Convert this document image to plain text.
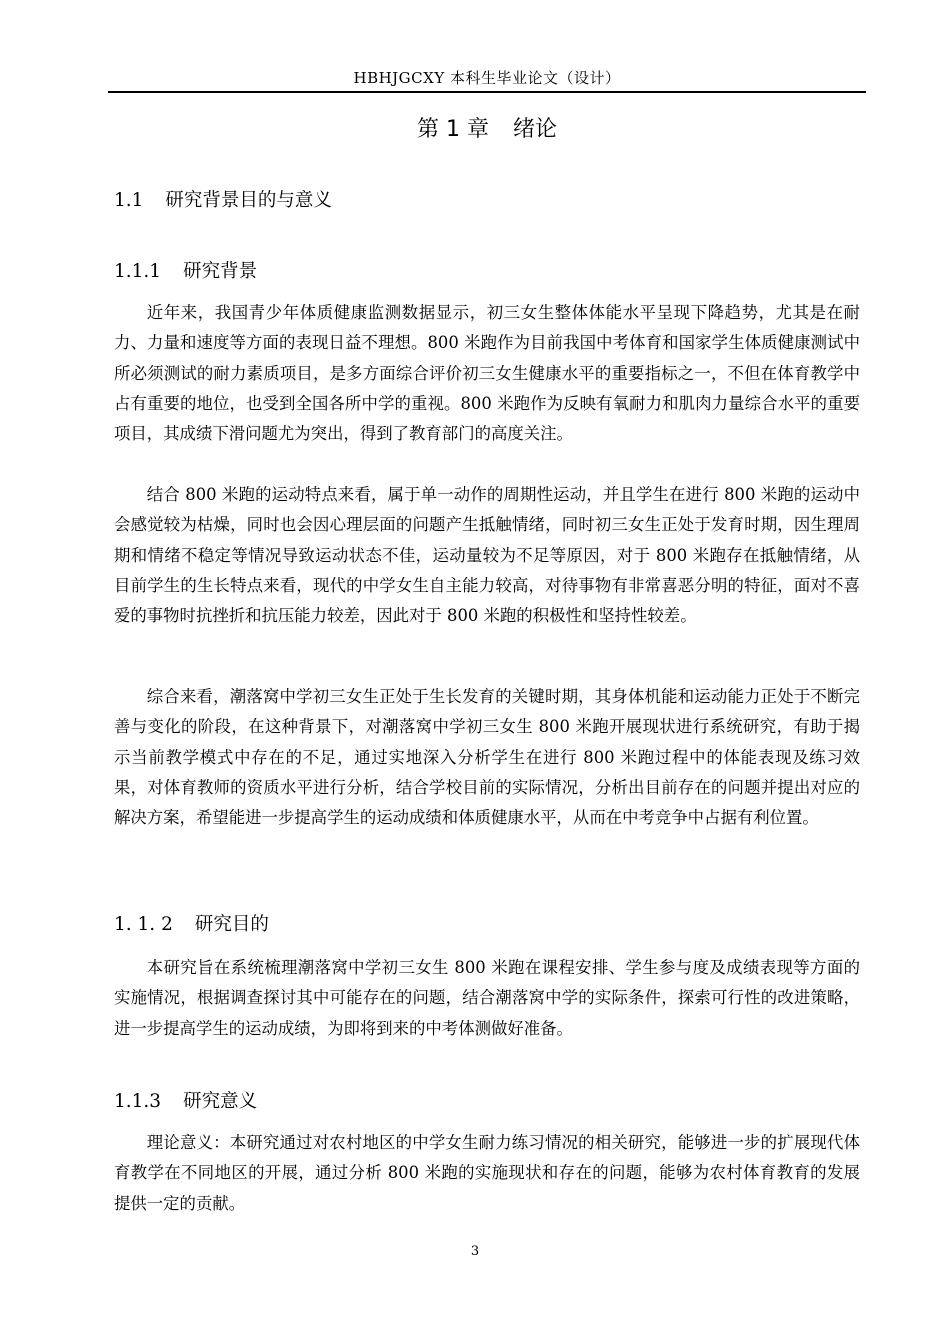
HBHJGCXY 本科生毕业论文（设计）
第 1 章 绪论
1.1 研究背景目的与意义
1.1.1 研究背景

近年来，我国青少年体质健康监测数据显示，初三女生整体体能水平呈现下降趋势，尤其是在耐力、力量和速度等方面的表现日益不理想。800 米跑作为目前我国中考体育和国家学生体质健康测试中所必须测试的耐力素质项目，是多方面综合评价初三女生健康水平的重要指标之一，不但在体育教学中占有重要的地位，也受到全国各所中学的重视。800 米跑作为反映有氧耐力和肌肉力量综合水平的重要项目，其成绩下滑问题尤为突出，得到了教育部门的高度关注。

结合 800 米跑的运动特点来看，属于单一动作的周期性运动，并且学生在进行 800 米跑的运动中会感觉较为枯燥，同时也会因心理层面的问题产生抵触情绪，同时初三女生正处于发育时期，因生理周期和情绪不稳定等情况导致运动状态不佳，运动量较为不足等原因，对于 800 米跑存在抵触情绪，从目前学生的生长特点来看，现代的中学女生自主能力较高，对待事物有非常喜恶分明的特征，面对不喜爱的事物时抗挫折和抗压能力较差，因此对于 800 米跑的积极性和坚持性较差。

综合来看，潮落窝中学初三女生正处于生长发育的关键时期，其身体机能和运动能力正处于不断完善与变化的阶段，在这种背景下，对潮落窝中学初三女生 800 米跑开展现状进行系统研究，有助于揭示当前教学模式中存在的不足，通过实地深入分析学生在进行 800 米跑过程中的体能表现及练习效果，对体育教师的资质水平进行分析，结合学校目前的实际情况，分析出目前存在的问题并提出对应的解决方案，希望能进一步提高学生的运动成绩和体质健康水平，从而在中考竞争中占据有利位置。

1. 1. 2 研究目的

本研究旨在系统梳理潮落窝中学初三女生 800 米跑在课程安排、学生参与度及成绩表现等方面的实施情况，根据调查探讨其中可能存在的问题，结合潮落窝中学的实际条件，探索可行性的改进策略，进一步提高学生的运动成绩，为即将到来的中考体测做好准备。

1.1.3 研究意义

理论意义：本研究通过对农村地区的中学女生耐力练习情况的相关研究，能够进一步的扩展现代体育教学在不同地区的开展，通过分析 800 米跑的实施现状和存在的问题，能够为农村体育教育的发展提供一定的贡献。

3
